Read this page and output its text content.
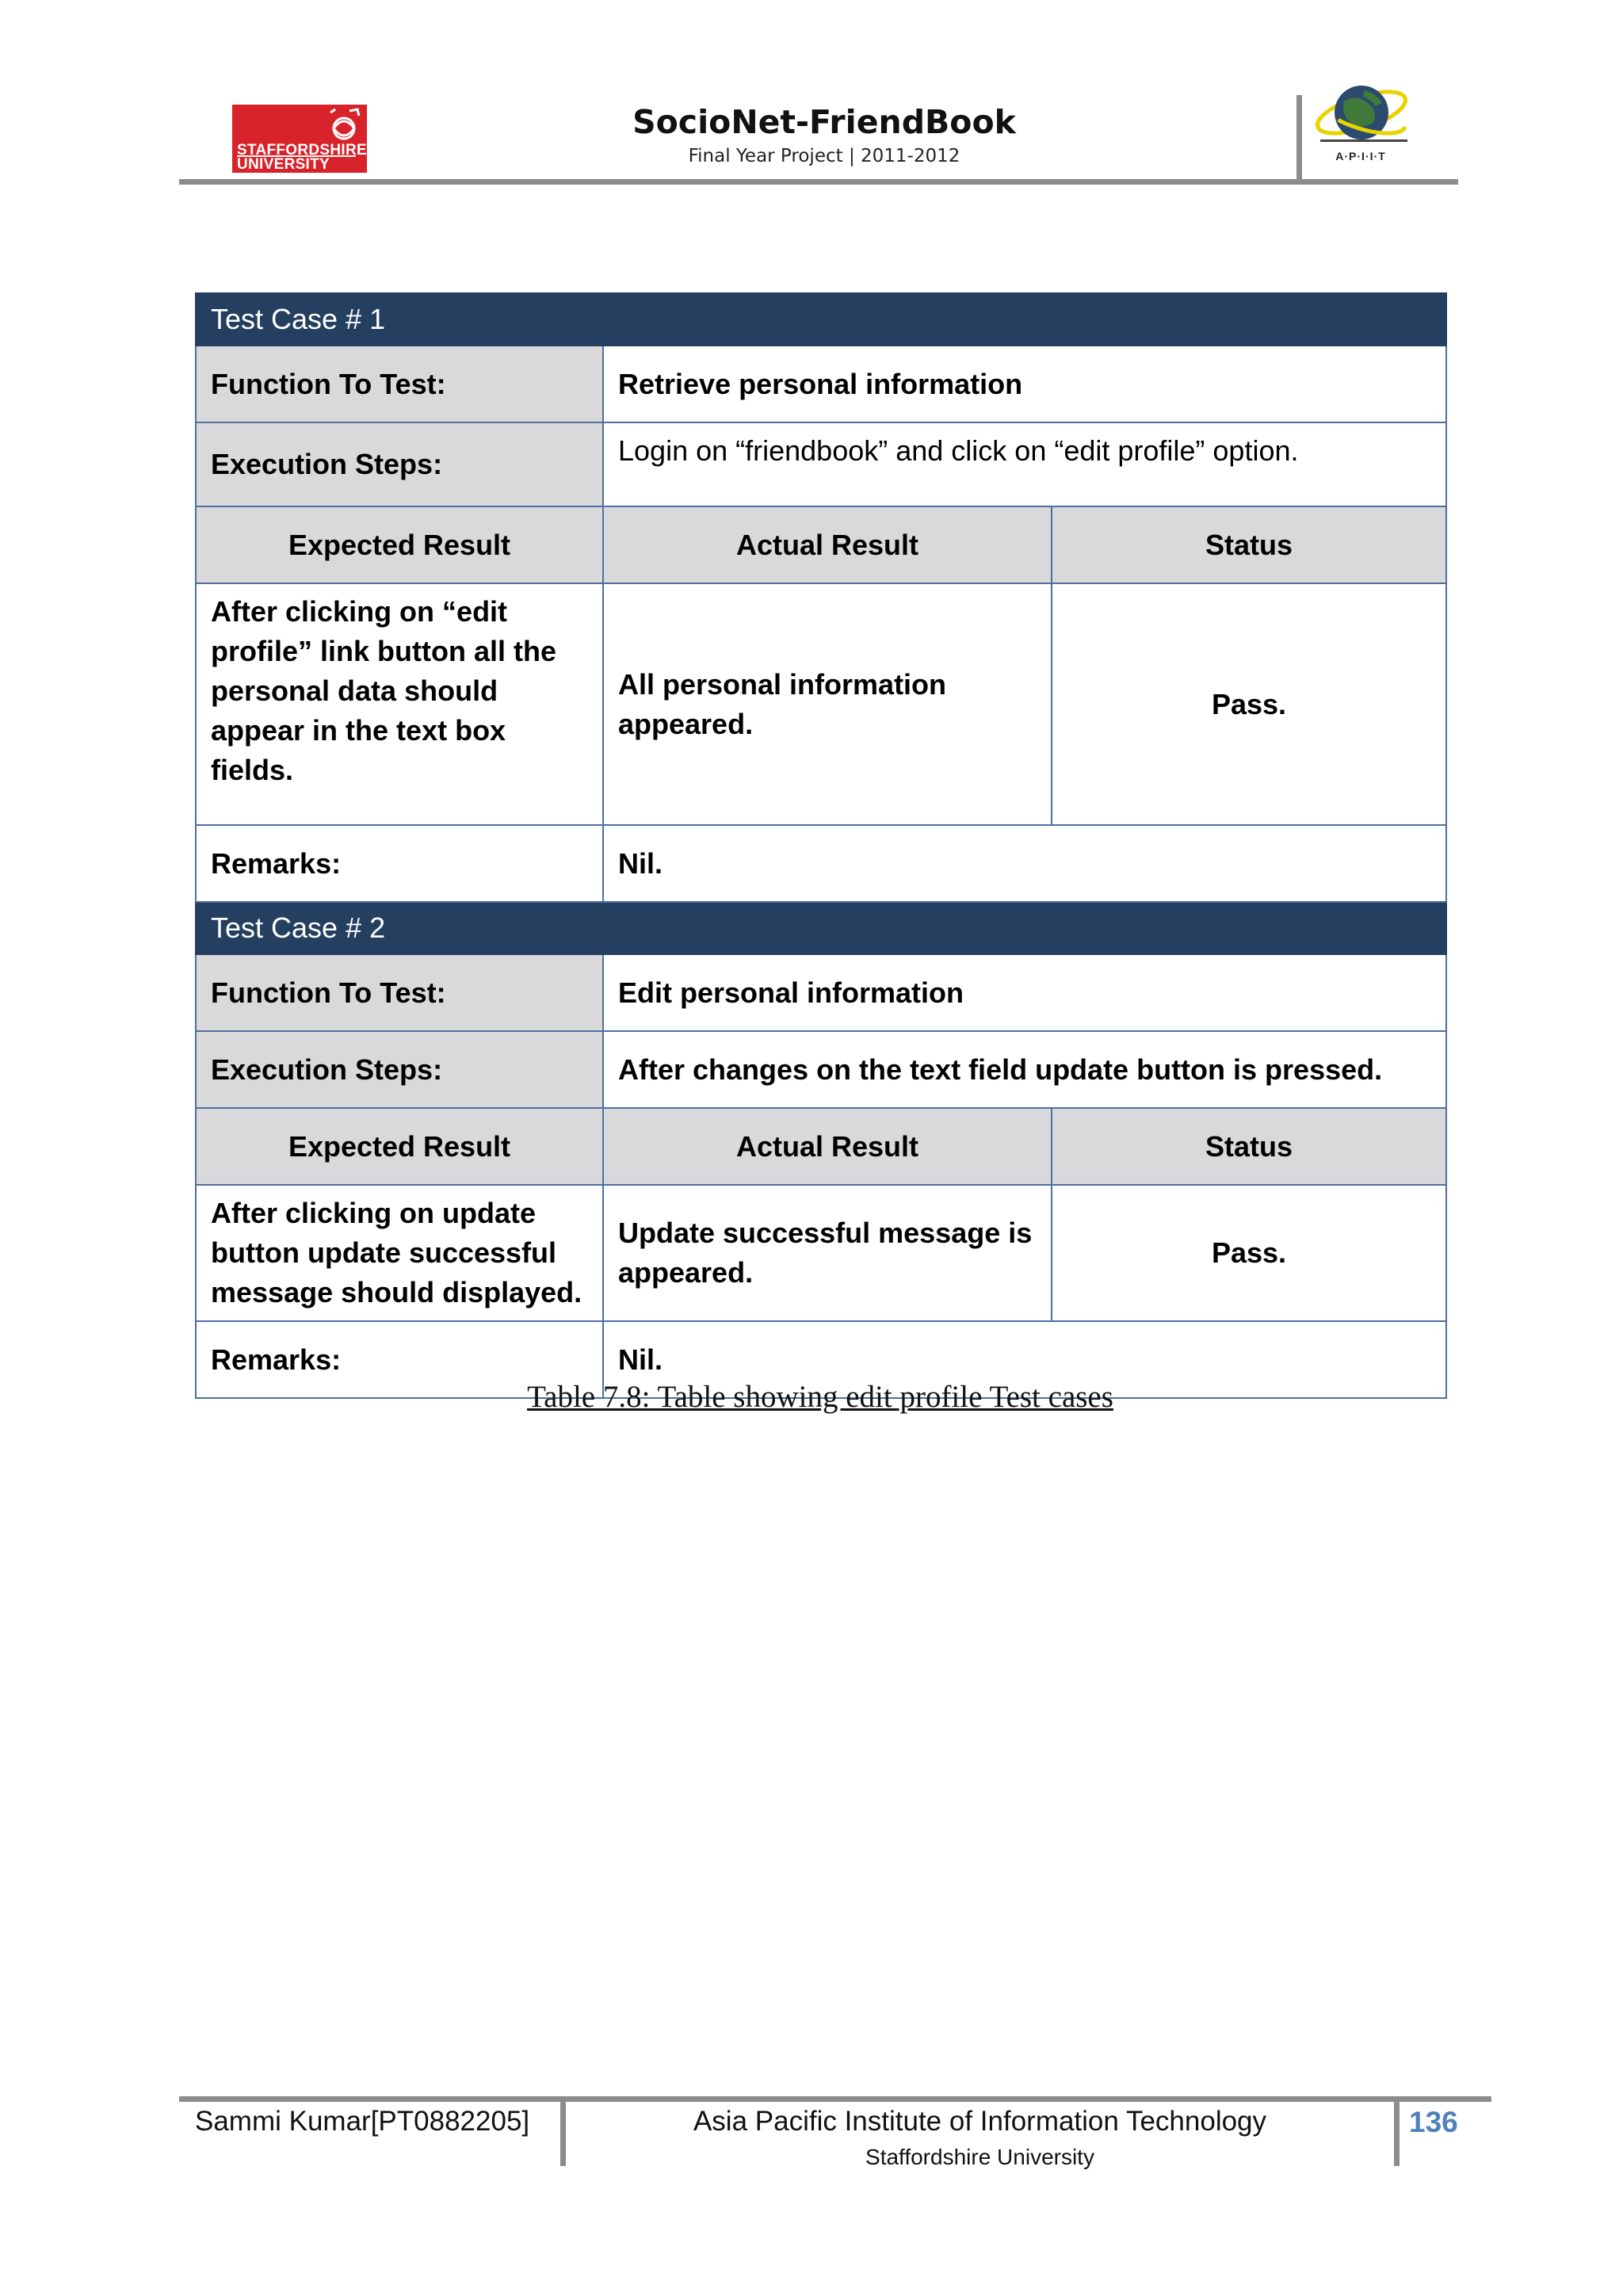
STAFFORDSHIRE
UNIVERSITY
SocioNet-FriendBook
Final Year Project | 2011-2012	A·P·I·I·T
Test Case # 1		
Function To Test:	Retrieve personal information	
Execution Steps:	Login on “friendbook” and click on “edit profile” option.	
Expected Result	Actual Result	Status
After clicking on “edit profile” link button all the personal data should appear in the text box fields.	All personal information appeared.	Pass.
Remarks:	Nil.	
Test Case # 2		
Function To Test:	Edit personal information	
Execution Steps:	After changes on the text field update button is pressed.	
Expected Result	Actual Result	Status
After clicking on update button update successful message should displayed.	Update successful message is appeared.	Pass.
Remarks:	Nil.	
Table 7.8: Table showing edit profile Test cases
Sammi Kumar[PT0882205]	Asia Pacific Institute of Information Technology
Staffordshire University
136
